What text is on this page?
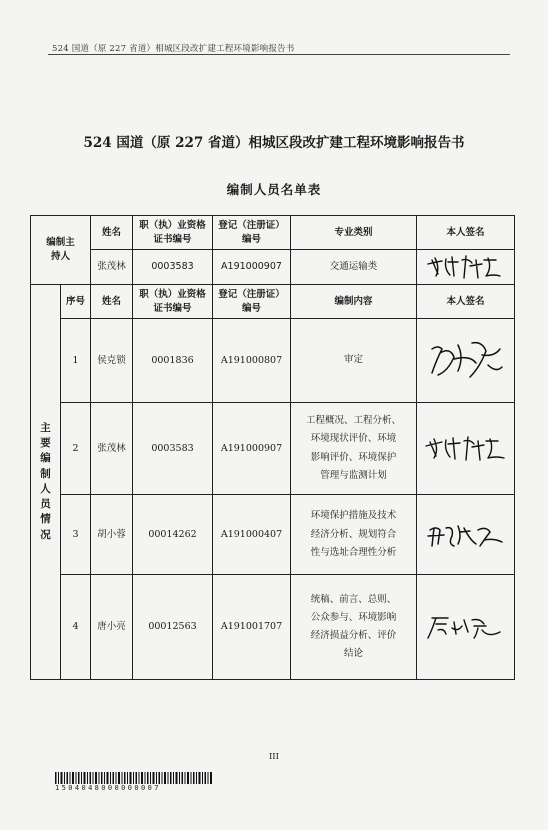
524 国道（原 227 省道）相城区段改扩建工程环境影响报告书
524 国道（原 227 省道）相城区段改扩建工程环境影响报告书
编制人员名单表
编制主持人		姓名	职（执）业资格证书编号	登记（注册证）编号	专业类别	本人签名
		张茂林	0003583	A191000907	交通运输类	

主要编制人员情况	序号	姓名	职（执）业资格证书编号	登记（注册证）编号	编制内容	本人签名
	1	侯克锁	0001836	A191000807	审定

	2	张茂林	0003583	A191000907	工程概况、工程分析、
环境现状评价、环境
影响评价、环境保护
管理与监测计划

	3	胡小蓉	00014262	A191000407	环境保护措施及技术
经济分析、规划符合
性与选址合理性分析

	4	唐小亮	00012563	A191001707	统稿、前言、总则、
公众参与、环境影响
经济损益分析、评价
结论

III
1504048000000007
